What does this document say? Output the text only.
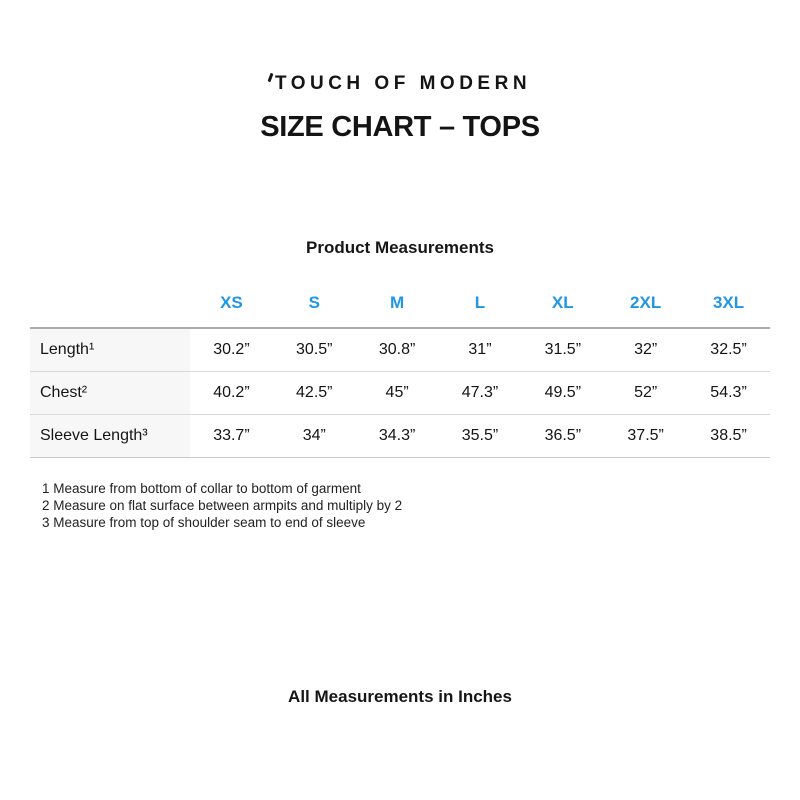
TOUCH OF MODERN
SIZE CHART – TOPS
Product Measurements
	XS	S	M	L	XL	2XL	3XL
Length¹	30.2”	30.5”	30.8”	31”	31.5”	32”	32.5”
Chest²	40.2”	42.5”	45”	47.3”	49.5”	52”	54.3”
Sleeve Length³	33.7”	34”	34.3”	35.5”	36.5”	37.5”	38.5”
1 Measure from bottom of collar to bottom of garment
2 Measure on flat surface between armpits and multiply by 2
3 Measure from top of shoulder seam to end of sleeve
All Measurements in Inches
